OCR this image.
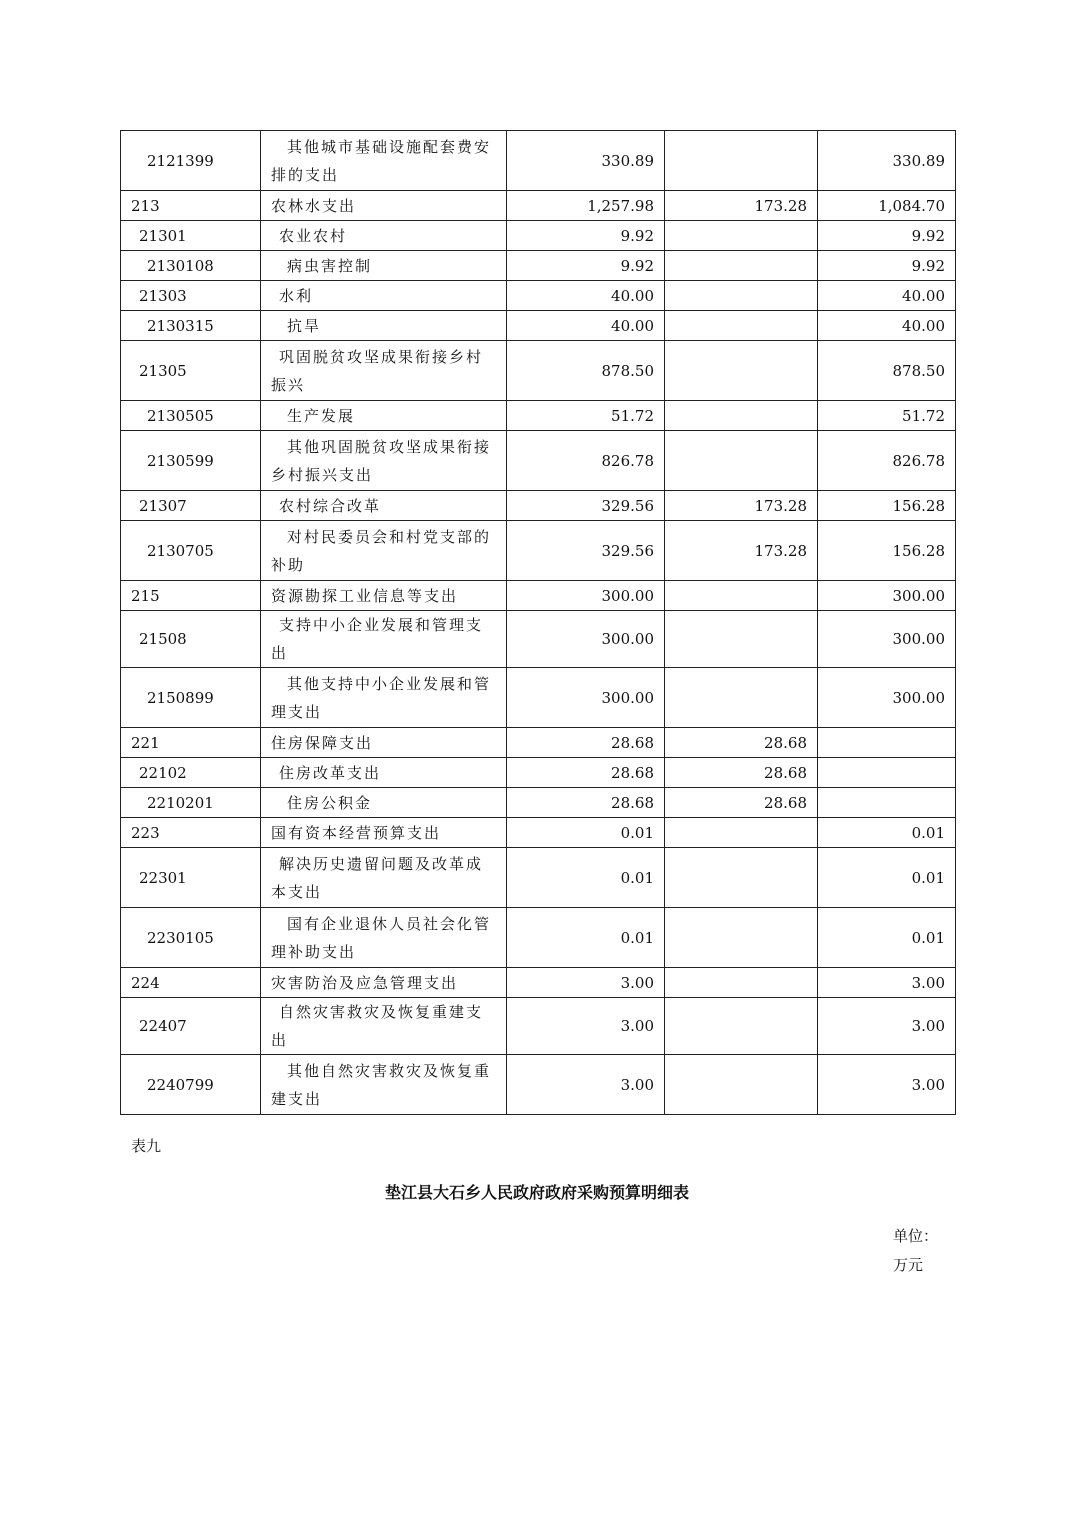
2121399	其他城市基础设施配套费安排的支出	330.89		330.89
213	农林水支出	1,257.98	173.28	1,084.70
21301	农业农村	9.92		9.92
2130108	病虫害控制	9.92		9.92
21303	水利	40.00		40.00
2130315	抗旱	40.00		40.00
21305	巩固脱贫攻坚成果衔接乡村振兴	878.50		878.50
2130505	生产发展	51.72		51.72
2130599	其他巩固脱贫攻坚成果衔接乡村振兴支出	826.78		826.78
21307	农村综合改革	329.56	173.28	156.28
2130705	对村民委员会和村党支部的补助	329.56	173.28	156.28
215	资源勘探工业信息等支出	300.00		300.00
21508	支持中小企业发展和管理支出	300.00		300.00
2150899	其他支持中小企业发展和管理支出	300.00		300.00
221	住房保障支出	28.68	28.68	
22102	住房改革支出	28.68	28.68	
2210201	住房公积金	28.68	28.68	
223	国有资本经营预算支出	0.01		0.01
22301	解决历史遗留问题及改革成本支出	0.01		0.01
2230105	国有企业退休人员社会化管理补助支出	0.01		0.01
224	灾害防治及应急管理支出	3.00		3.00
22407	自然灾害救灾及恢复重建支出	3.00		3.00
2240799	其他自然灾害救灾及恢复重建支出	3.00		3.00
表九
垫江县大石乡人民政府政府采购预算明细表
单位：
万元
